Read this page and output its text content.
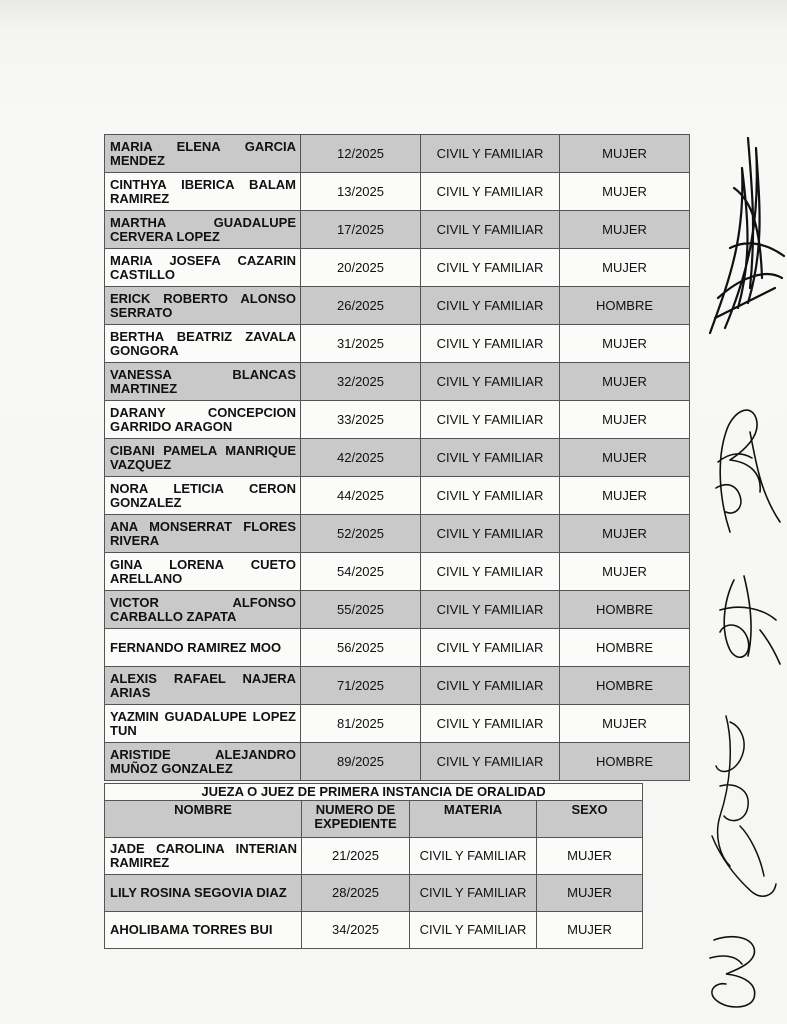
MARIA ELENA GARCIA MENDEZ	12/2025	CIVIL Y FAMILIAR	MUJER
CINTHYA IBERICA BALAM RAMIREZ	13/2025	CIVIL Y FAMILIAR	MUJER
MARTHA GUADALUPE CERVERA LOPEZ	17/2025	CIVIL Y FAMILIAR	MUJER
MARIA JOSEFA CAZARIN CASTILLO	20/2025	CIVIL Y FAMILIAR	MUJER
ERICK ROBERTO ALONSO SERRATO	26/2025	CIVIL Y FAMILIAR	HOMBRE
BERTHA BEATRIZ ZAVALA GONGORA	31/2025	CIVIL Y FAMILIAR	MUJER
VANESSA BLANCAS MARTINEZ	32/2025	CIVIL Y FAMILIAR	MUJER
DARANY CONCEPCION GARRIDO ARAGON	33/2025	CIVIL Y FAMILIAR	MUJER
CIBANI PAMELA MANRIQUE VAZQUEZ	42/2025	CIVIL Y FAMILIAR	MUJER
NORA LETICIA CERON GONZALEZ	44/2025	CIVIL Y FAMILIAR	MUJER
ANA MONSERRAT FLORES RIVERA	52/2025	CIVIL Y FAMILIAR	MUJER
GINA LORENA CUETO ARELLANO	54/2025	CIVIL Y FAMILIAR	MUJER
VICTOR ALFONSO CARBALLO ZAPATA	55/2025	CIVIL Y FAMILIAR	HOMBRE
FERNANDO RAMIREZ MOO	56/2025	CIVIL Y FAMILIAR	HOMBRE
ALEXIS RAFAEL NAJERA ARIAS	71/2025	CIVIL Y FAMILIAR	HOMBRE
YAZMIN GUADALUPE LOPEZ TUN	81/2025	CIVIL Y FAMILIAR	MUJER
ARISTIDE ALEJANDRO MUÑOZ GONZALEZ	89/2025	CIVIL Y FAMILIAR	HOMBRE
JUEZA O JUEZ DE PRIMERA INSTANCIA DE ORALIDAD			
NOMBRE	NUMERO DE EXPEDIENTE	MATERIA	SEXO
JADE CAROLINA INTERIAN RAMIREZ	21/2025	CIVIL Y FAMILIAR	MUJER
LILY ROSINA SEGOVIA DIAZ	28/2025	CIVIL Y FAMILIAR	MUJER
AHOLIBAMA TORRES BUI	34/2025	CIVIL Y FAMILIAR	MUJER
